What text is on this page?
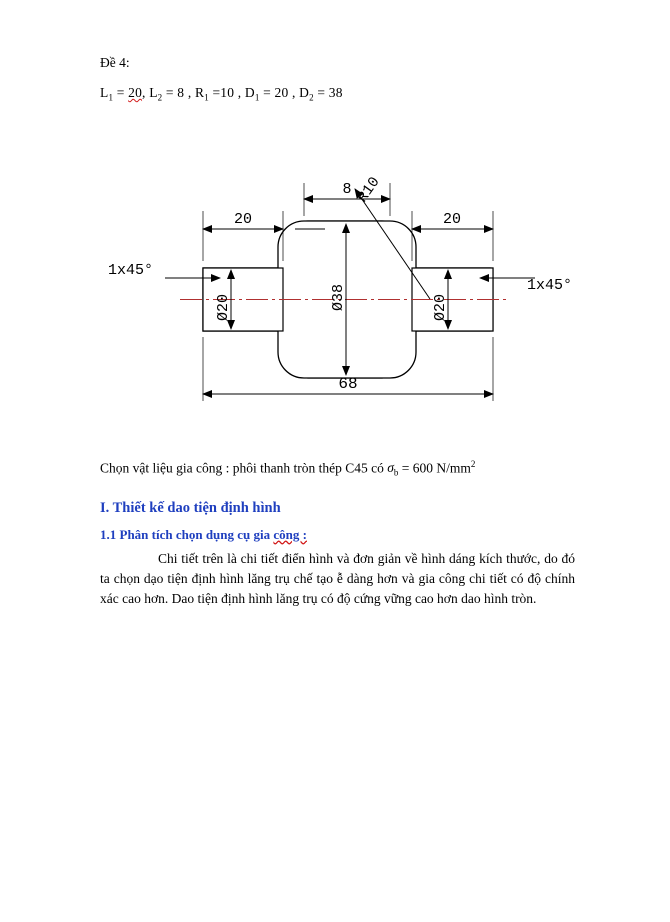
Đề 4:

$L_1 = 20$, $L_2 = 8$ , $R_1 =10$ , $D_1 = 20$ , $D_2 = 38$

20	20
8 R10
1x45°
1x45°
Ø20	Ø20
Ø38
68

Chọn vật liệu gia công : phôi thanh tròn thép C45 có $\sigma_b = 600$ $N/mm^2$

I. Thiết kế dao tiện định hình
1.1 Phân tích chọn dụng cụ gia công :

Chi tiết trên là chi tiết điển hình và đơn giản về hình dáng kích thước, do đó ta chọn dạo tiện định hình lăng trụ chế tạo ễ dàng hơn và gia công chi tiết có độ chính xác cao hơn. Dao tiện định hình lăng trụ có độ cứng vững cao hơn dao hình tròn.
